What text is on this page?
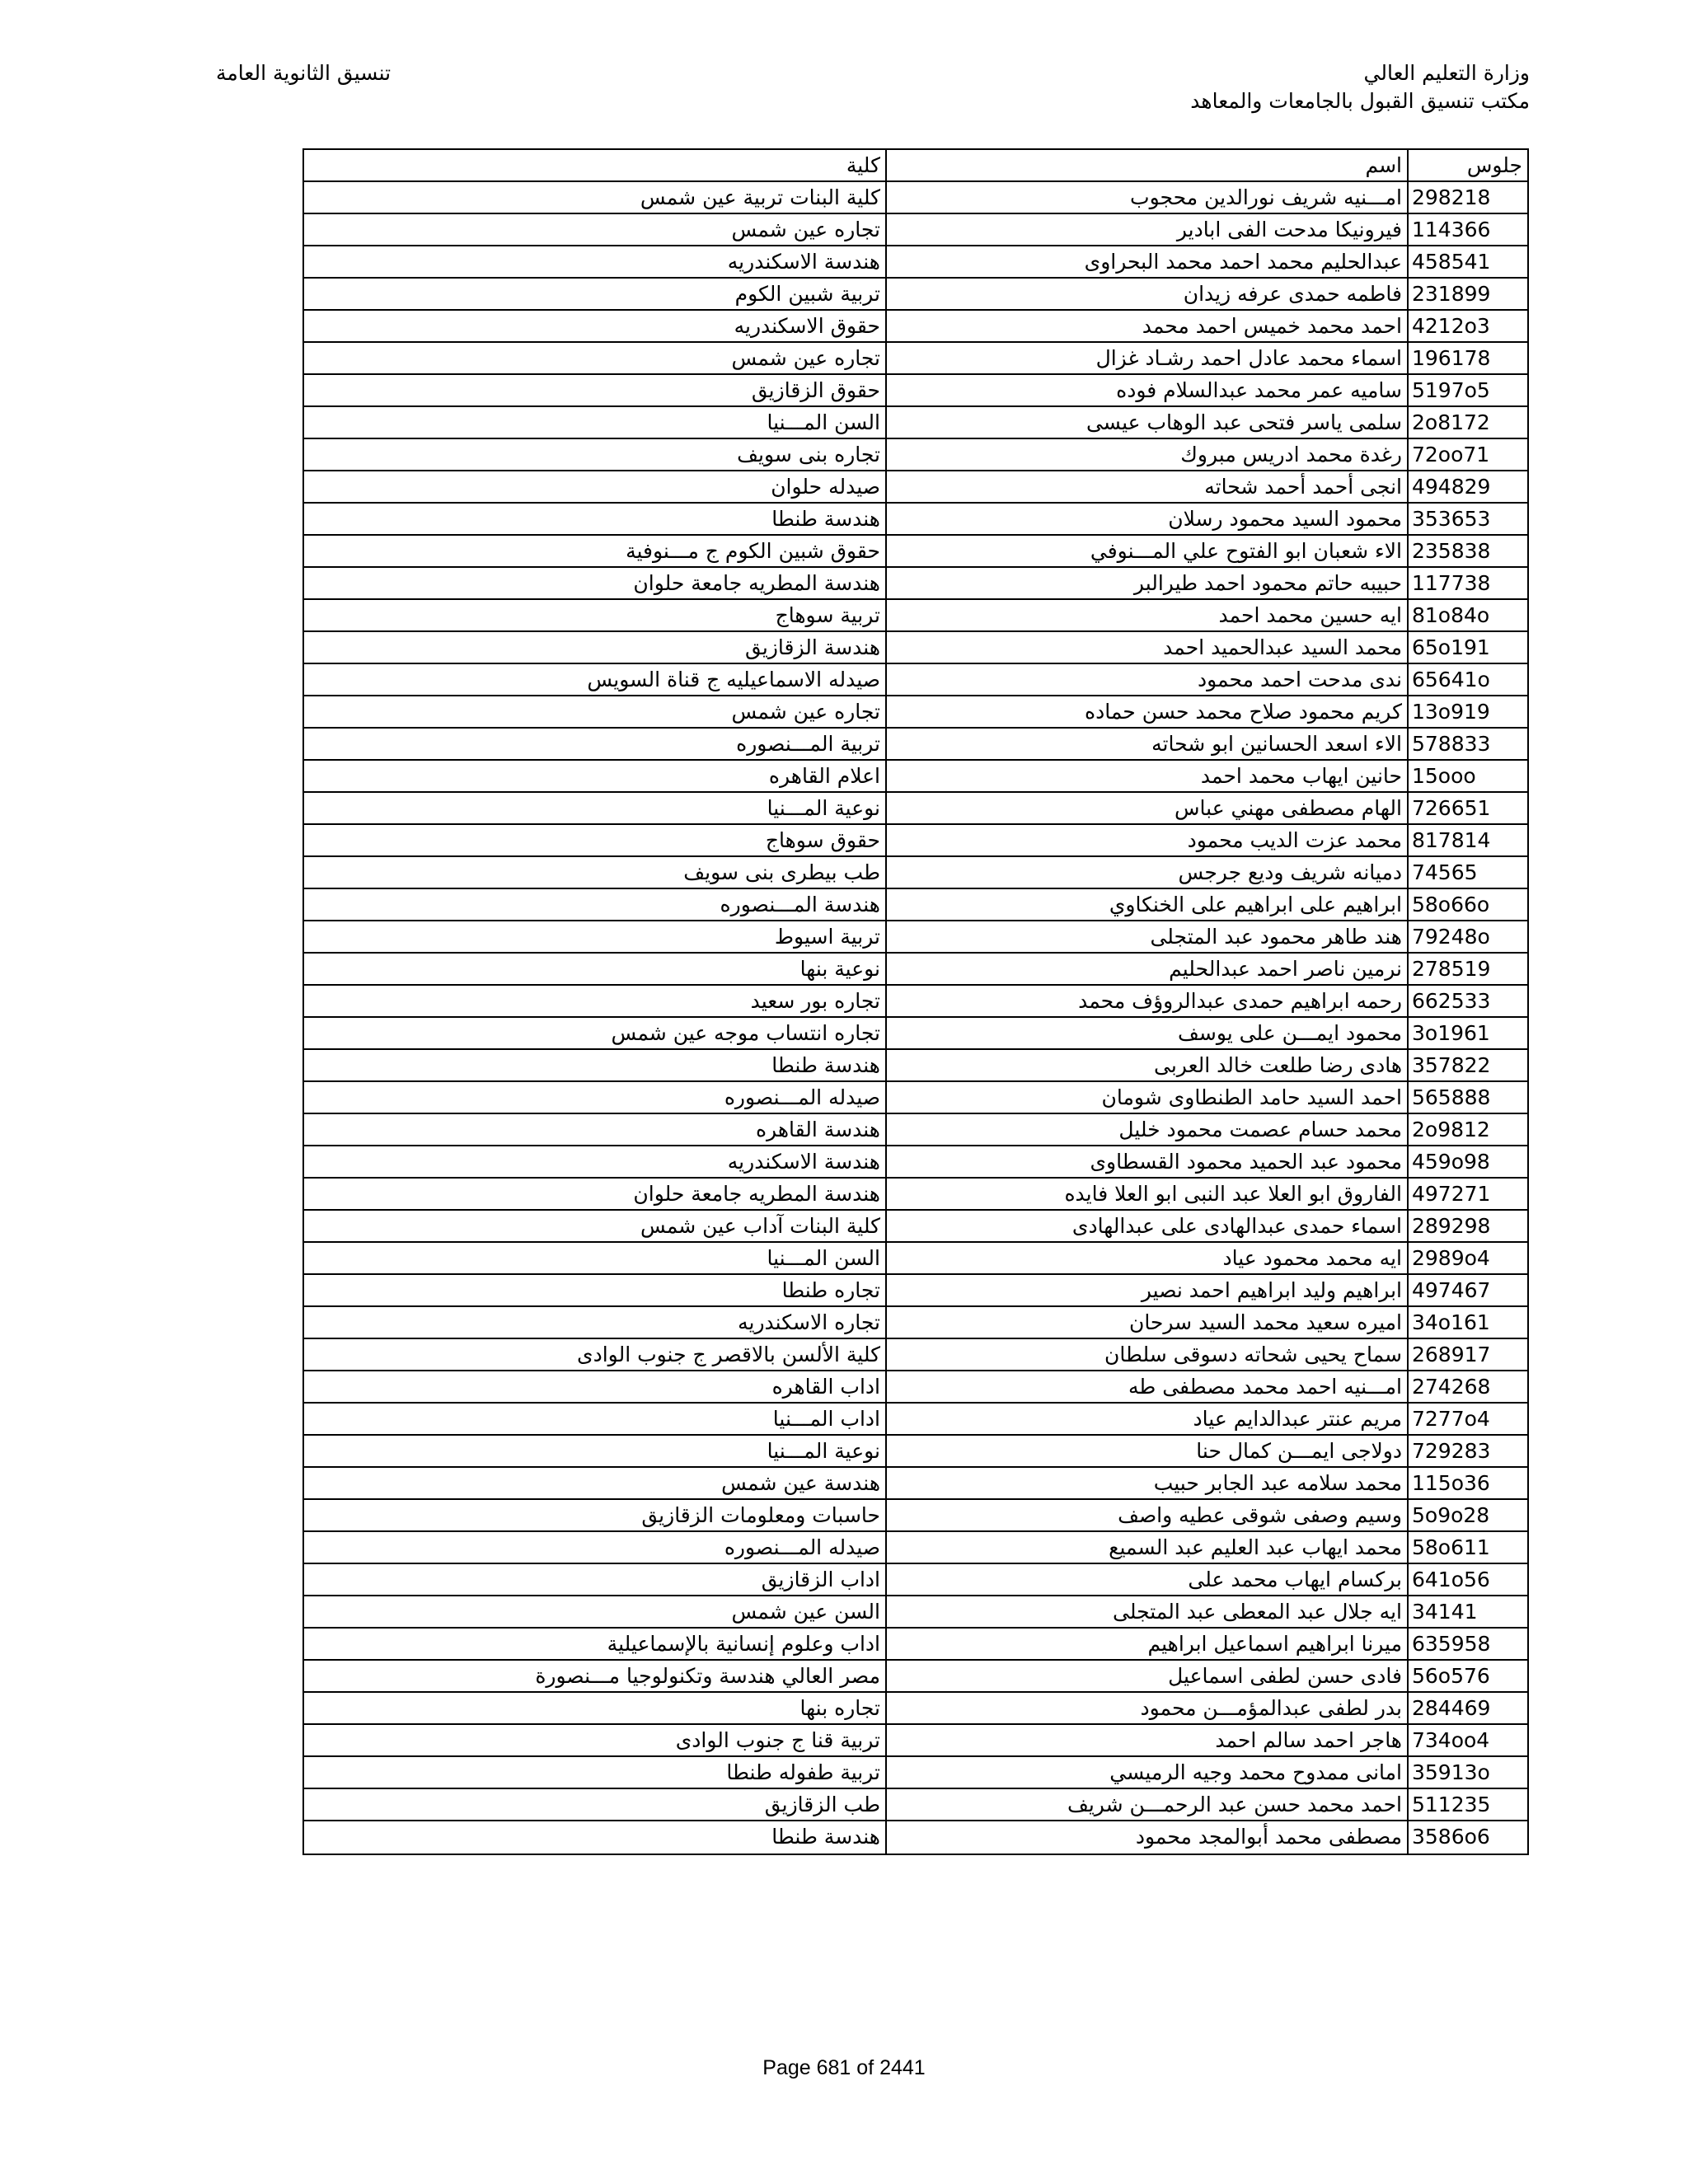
وزارة التعليم العالي
مكتب تنسيق القبول بالجامعات والمعاهد
تنسيق الثانوية العامة
كلية	اسم	جلوس
كلية البنات تربية عين شمس	امـــنيه شريف نورالدين محجوب 298218
تجاره عين شمس	فيرونيكا مدحت الفى ابادير 114366
هندسة الاسكندريه	عبدالحليم محمد احمد محمد البحراوى 458541
تربية شبين الكوم	فاطمه حمدى عرفه زيدان 231899
حقوق الاسكندريه	احمد محمد خميس احمد محمد 4212o3
تجاره عين شمس	اسماء محمد عادل احمد رشـاد غزال 196178
حقوق الزقازيق	ساميه عمر محمد عبدالسلام فوده 5197o5
السن المـــنيا	سلمى ياسر فتحى عبد الوهاب عيسى 2o8172
تجاره بنى سويف	رغدة محمد ادريس مبروك 72oo71
صيدله حلوان	انجى أحمد أحمد شحاته 494829
هندسة طنطا	محمود السيد محمود رسلان 353653
حقوق شبين الكوم ج مـــنوفية	الاء شعبان ابو الفتوح علي المـــنوفي 235838
هندسة المطريه جامعة حلوان	حبيبه حاتم محمود احمد طيرالبر 117738
تربية سوهاج	ايه حسين محمد احمد 81o84o
هندسة الزقازيق	محمد السيد عبدالحميد احمد 65o191
صيدله الاسماعيليه ج قناة السويس	ندى مدحت احمد محمود 65641o
تجاره عين شمس	كريم محمود صلاح محمد حسن حماده 13o919
تربية المـــنصوره	الاء اسعد الحسانين ابو شحاته 578833
اعلام القاهره	حانين ايهاب محمد احمد 15ooo
نوعية المـــنيا	الهام مصطفى مهني عباس 726651
حقوق سوهاج	محمد عزت الديب محمود 817814
طب بيطرى بنى سويف	دميانه شريف وديع جرجس 74565
هندسة المـــنصوره	ابراهيم على ابراهيم على الخنكاوي 58o66o
تربية اسيوط	هند طاهر محمود عبد المتجلى 79248o
نوعية بنها	نرمين ناصر احمد عبدالحليم 278519
تجاره بور سعيد	رحمه ابراهيم حمدى عبدالروؤف محمد 662533
تجاره انتساب موجه عين شمس	محمود ايمـــن على يوسف 3o1961
هندسة طنطا	هادى رضا طلعت خالد العربى 357822
صيدله المـــنصوره	احمد السيد حامد الطنطاوى شومان 565888
هندسة القاهره	محمد حسام عصمت محمود خليل 2o9812
هندسة الاسكندريه	محمود عبد الحميد محمود القسطاوى 459o98
هندسة المطريه جامعة حلوان	الفاروق ابو العلا عبد النبى ابو العلا فايده 497271
كلية البنات آداب عين شمس	اسماء حمدى عبدالهادى على عبدالهادى 289298
السن المـــنيا	ايه محمد محمود عياد 2989o4
تجاره طنطا	ابراهيم وليد ابراهيم احمد نصير 497467
تجاره الاسكندريه	اميره سعيد محمد السيد سرحان 34o161
كلية الألسن بالاقصر ج جنوب الوادى	سماح يحيى شحاته دسوقى سلطان 268917
اداب القاهره	امـــنيه احمد محمد مصطفى طه 274268
اداب المـــنيا	مريم عنتر عبدالدايم عياد 7277o4
نوعية المـــنيا	دولاجى ايمـــن كمال حنا 729283
هندسة عين شمس	محمد سلامه عبد الجابر حبيب 115o36
حاسبات ومعلومات الزقازيق	وسيم وصفى شوقى عطيه واصف 5o9o28
صيدله المـــنصوره	محمد ايهاب عبد العليم عبد السميع 58o611
اداب الزقازيق	بركسام ايهاب محمد على 641o56
السن عين شمس	ايه جلال عبد المعطى عبد المتجلى 34141
اداب وعلوم إنسانية بالإسماعيلية	ميرنا ابراهيم اسماعيل ابراهيم 635958
مصر العالي هندسة وتكنولوجيا مـــنصورة	فادى حسن لطفى اسماعيل 56o576
تجاره بنها	بدر لطفى عبدالمؤمـــن محمود 284469
تربية قنا ج جنوب الوادى	هاجر احمد سالم احمد 734oo4
تربية طفوله طنطا	امانى ممدوح محمد وجيه الرميسي 35913o
طب الزقازيق	احمد محمد حسن عبد الرحمـــن شريف 511235
هندسة طنطا	مصطفى محمد أبوالمجد محمود 3586o6
Page 681 of 2441
